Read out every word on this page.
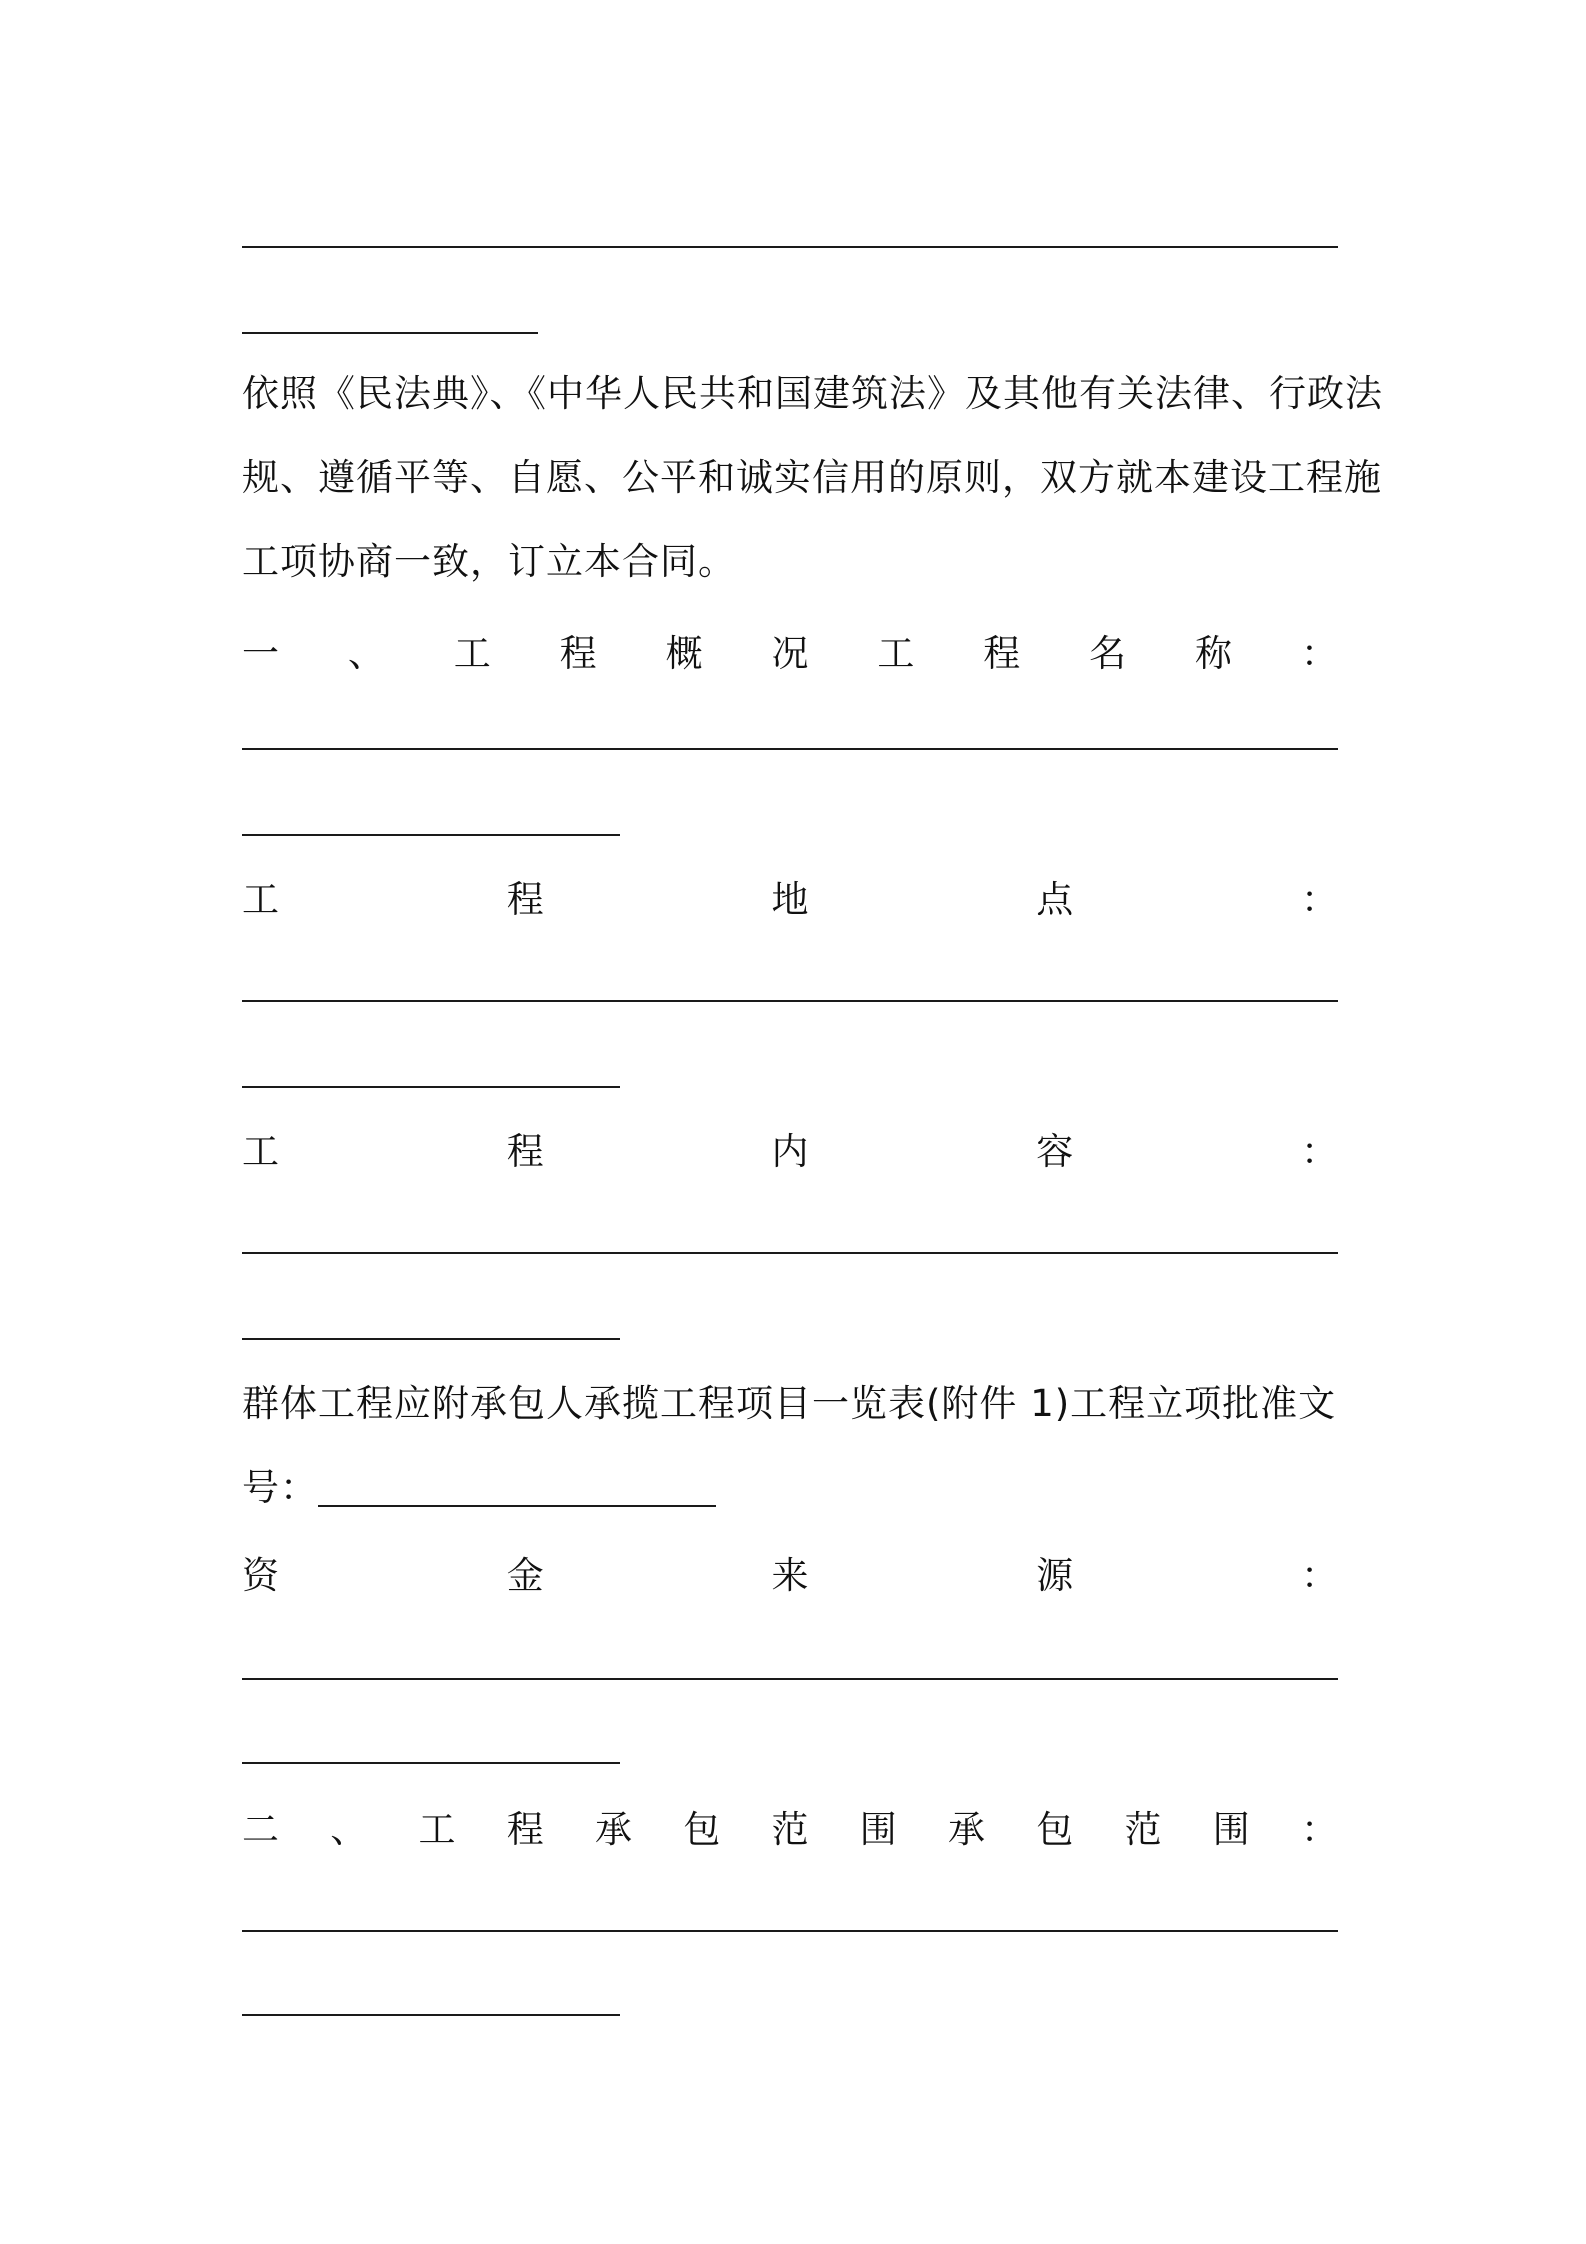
依照《民法典》、《中华人民共和国建筑法》及其他有关法律、行政法
规、遵循平等、自愿、公平和诚实信用的原则，双方就本建设工程施
工项协商一致，订立本合同。
一 、 工 程 概 况 工 程 名 称 ：
工	程	地	点	：
工	程	内	容	：
群体工程应附承包人承揽工程项目一览表(附件 1)工程立项批准文
号：
资	金	来	源	：
二 、 工 程 承 包 范 围 承 包 范 围 ：
